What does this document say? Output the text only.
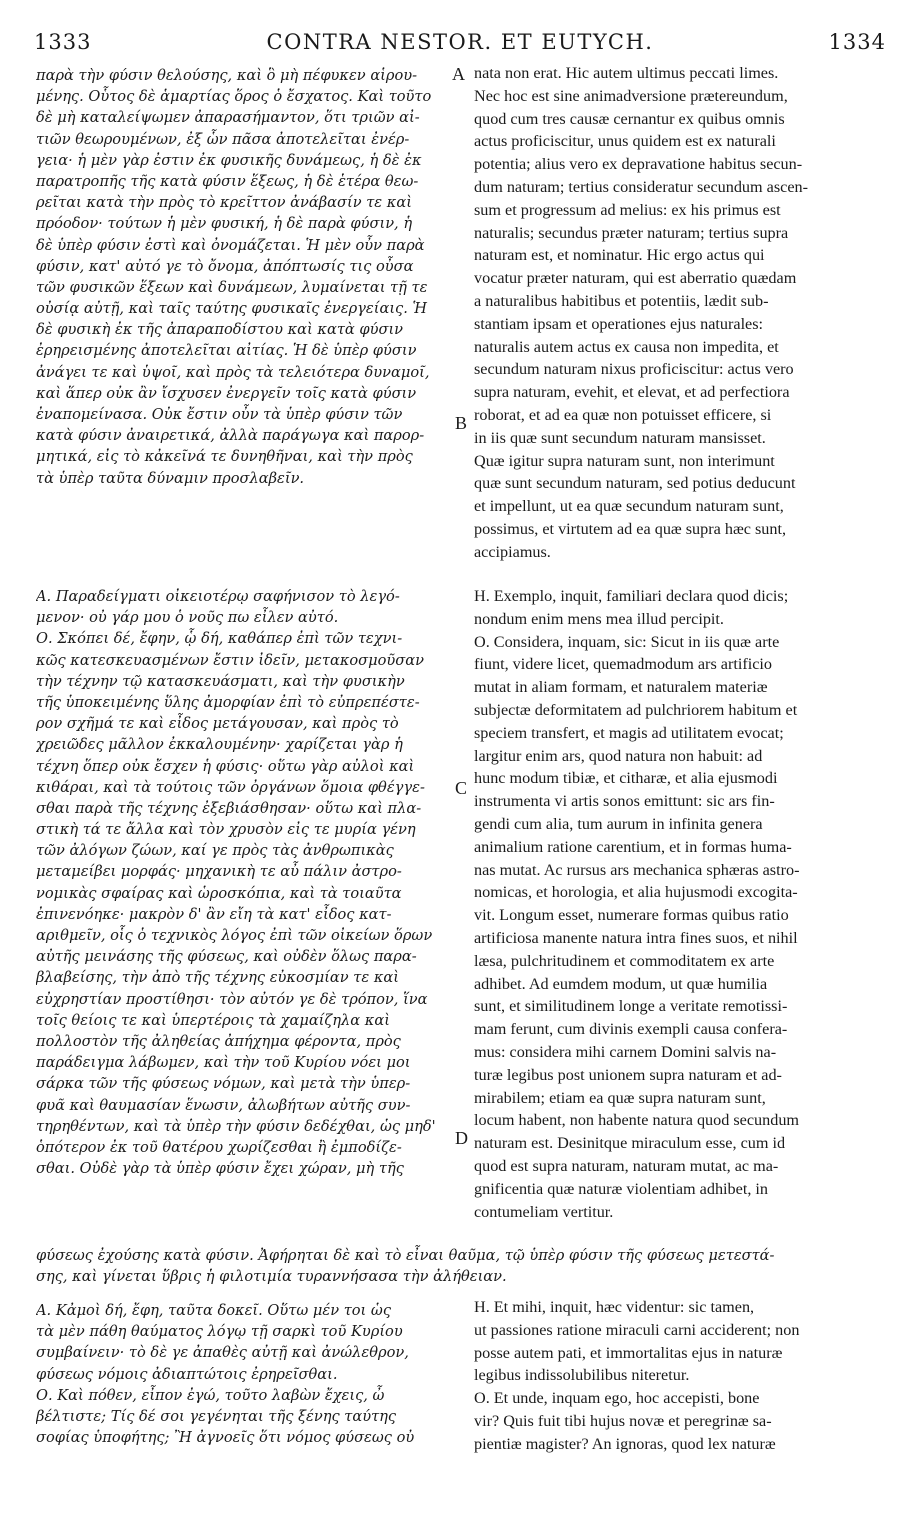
1333	CONTRA NESTOR. ET EUTYCH.	1334
A
B
C
D
παρὰ τὴν φύσιν θελούσης, καὶ ὃ μὴ πέφυκεν αἱρου-
μένης. Οὗτος δὲ ἁμαρτίας ὅρος ὁ ἔσχατος. Καὶ τοῦτο
δὲ μὴ καταλείψωμεν ἀπαρασήμαντον, ὅτι τριῶν αἰ-
τιῶν θεωρουμένων, ἐξ ὧν πᾶσα ἀποτελεῖται ἐνέρ-
γεια· ἡ μὲν γὰρ ἐστιν ἐκ φυσικῆς δυνάμεως, ἡ δὲ ἐκ
παρατροπῆς τῆς κατὰ φύσιν ἕξεως, ἡ δὲ ἑτέρα θεω-
ρεῖται κατὰ τὴν πρὸς τὸ κρεῖττον ἀνάβασίν τε καὶ
πρόοδον· τούτων ἡ μὲν φυσική, ἡ δὲ παρὰ φύσιν, ἡ
δὲ ὑπὲρ φύσιν ἐστὶ καὶ ὀνομάζεται. Ἡ μὲν οὖν παρὰ
φύσιν, κατ' αὐτό γε τὸ ὄνομα, ἀπόπτωσίς τις οὖσα
τῶν φυσικῶν ἕξεων καὶ δυνάμεων, λυμαίνεται τῇ τε
οὐσίᾳ αὐτῇ, καὶ ταῖς ταύτης φυσικαῖς ἐνεργείαις. Ἡ
δὲ φυσικὴ ἐκ τῆς ἀπαραποδίστου καὶ κατὰ φύσιν
ἐρηρεισμένης ἀποτελεῖται αἰτίας. Ἡ δὲ ὑπὲρ φύσιν
ἀνάγει τε καὶ ὑψοῖ, καὶ πρὸς τὰ τελειότερα δυναμοῖ,
καὶ ἅπερ οὐκ ἂν ἴσχυσεν ἐνεργεῖν τοῖς κατὰ φύσιν
ἐναπομείνασα. Οὐκ ἔστιν οὖν τὰ ὑπὲρ φύσιν τῶν
κατὰ φύσιν ἀναιρετικά, ἀλλὰ παράγωγα καὶ παρορ-
μητικά, εἰς τὸ κἀκεῖνά τε δυνηθῆναι, καὶ τὴν πρὸς
τὰ ὑπὲρ ταῦτα δύναμιν προσλαβεῖν.
Α. Παραδείγματι οἰκειοτέρῳ σαφήνισον τὸ λεγό-
μενον· οὐ γάρ μου ὁ νοῦς πω εἶλεν αὐτό.
Ο. Σκόπει δέ, ἔφην, ᾧ δή, καθάπερ ἐπὶ τῶν τεχνι-
κῶς κατεσκευασμένων ἔστιν ἰδεῖν, μετακοσμοῦσαν
τὴν τέχνην τῷ κατασκευάσματι, καὶ τὴν φυσικὴν
τῆς ὑποκειμένης ὕλης ἀμορφίαν ἐπὶ τὸ εὐπρεπέστε-
ρον σχῆμά τε καὶ εἶδος μετάγουσαν, καὶ πρὸς τὸ
χρειῶδες μᾶλλον ἐκκαλουμένην· χαρίζεται γὰρ ἡ
τέχνη ὅπερ οὐκ ἔσχεν ἡ φύσις· οὕτω γὰρ αὐλοὶ καὶ
κιθάραι, καὶ τὰ τούτοις τῶν ὀργάνων ὅμοια φθέγγε-
σθαι παρὰ τῆς τέχνης ἐξεβιάσθησαν· οὕτω καὶ πλα-
στικὴ τά τε ἄλλα καὶ τὸν χρυσὸν εἰς τε μυρία γένη
τῶν ἀλόγων ζώων, καί γε πρὸς τὰς ἀνθρωπικὰς
μεταμείβει μορφάς· μηχανικὴ τε αὖ πάλιν ἀστρο-
νομικὰς σφαίρας καὶ ὡροσκόπια, καὶ τὰ τοιαῦτα
ἐπινενόηκε· μακρὸν δ' ἂν εἴη τὰ κατ' εἶδος κατ-
αριθμεῖν, οἷς ὁ τεχνικὸς λόγος ἐπὶ τῶν οἰκείων ὅρων
αὐτῆς μεινάσης τῆς φύσεως, καὶ οὐδὲν ὅλως παρα-
βλαβείσης, τὴν ἀπὸ τῆς τέχνης εὐκοσμίαν τε καὶ
εὐχρηστίαν προστίθησι· τὸν αὐτόν γε δὲ τρόπον, ἵνα
τοῖς θείοις τε καὶ ὑπερτέροις τὰ χαμαίζηλα καὶ
πολλοστὸν τῆς ἀληθείας ἀπήχημα φέροντα, πρὸς
παράδειγμα λάβωμεν, καὶ τὴν τοῦ Κυρίου νόει μοι
σάρκα τῶν τῆς φύσεως νόμων, καὶ μετὰ τὴν ὑπερ-
φυᾶ καὶ θαυμασίαν ἕνωσιν, ἀλωβήτων αὐτῆς συν-
τηρηθέντων, καὶ τὰ ὑπὲρ τὴν φύσιν δεδέχθαι, ὡς μηδ'
ὁπότερον ἐκ τοῦ θατέρου χωρίζεσθαι ἢ ἐμποδίζε-
σθαι. Οὐδὲ γὰρ τὰ ὑπὲρ φύσιν ἔχει χώραν, μὴ τῆς
φύσεως ἐχούσης κατὰ φύσιν. Ἀφήρηται δὲ καὶ τὸ εἶναι θαῦμα, τῷ ὑπὲρ φύσιν τῆς φύσεως μετεστά-
σης, καὶ γίνεται ὕβρις ἡ φιλοτιμία τυραννήσασα τὴν ἀλήθειαν.
Α. Κἀμοὶ δή, ἔφη, ταῦτα δοκεῖ. Οὕτω μέν τοι ὡς
τὰ μὲν πάθη θαύματος λόγῳ τῇ σαρκὶ τοῦ Κυρίου
συμβαίνειν· τὸ δὲ γε ἀπαθὲς αὐτῇ καὶ ἀνώλεθρον,
φύσεως νόμοις ἀδιαπτώτοις ἐρηρεῖσθαι.
Ο. Καὶ πόθεν, εἶπον ἐγώ, τοῦτο λαβὼν ἔχεις, ὦ
βέλτιστε; Τίς δέ σοι γεγένηται τῆς ξένης ταύτης
σοφίας ὑποφήτης; Ἢ ἀγνοεῖς ὅτι νόμος φύσεως οὐ
nata non erat. Hic autem ultimus peccati limes.
Nec hoc est sine animadversione prætereundum,
quod cum tres causæ cernantur ex quibus omnis
actus proficiscitur, unus quidem est ex naturali
potentia; alius vero ex depravatione habitus secun-
dum naturam; tertius consideratur secundum ascen-
sum et progressum ad melius: ex his primus est
naturalis; secundus præter naturam; tertius supra
naturam est, et nominatur. Hic ergo actus qui
vocatur præter naturam, qui est aberratio quædam
a naturalibus habitibus et potentiis, lædit sub-
stantiam ipsam et operationes ejus naturales:
naturalis autem actus ex causa non impedita, et
secundum naturam nixus proficiscitur: actus vero
supra naturam, evehit, et elevat, et ad perfectiora
roborat, et ad ea quæ non potuisset efficere, si
in iis quæ sunt secundum naturam mansisset.
Quæ igitur supra naturam sunt, non interimunt
quæ sunt secundum naturam, sed potius deducunt
et impellunt, ut ea quæ secundum naturam sunt,
possimus, et virtutem ad ea quæ supra hæc sunt,
accipiamus.
H. Exemplo, inquit, familiari declara quod dicis;
nondum enim mens mea illud percipit.
O. Considera, inquam, sic: Sicut in iis quæ arte
fiunt, videre licet, quemadmodum ars artificio
mutat in aliam formam, et naturalem materiæ
subjectæ deformitatem ad pulchriorem habitum et
speciem transfert, et magis ad utilitatem evocat;
largitur enim ars, quod natura non habuit: ad
hunc modum tibiæ, et citharæ, et alia ejusmodi
instrumenta vi artis sonos emittunt: sic ars fin-
gendi cum alia, tum aurum in infinita genera
animalium ratione carentium, et in formas huma-
nas mutat. Ac rursus ars mechanica sphæras astro-
nomicas, et horologia, et alia hujusmodi excogita-
vit. Longum esset, numerare formas quibus ratio
artificiosa manente natura intra fines suos, et nihil
læsa, pulchritudinem et commoditatem ex arte
adhibet. Ad eumdem modum, ut quæ humilia
sunt, et similitudinem longe a veritate remotissi-
mam ferunt, cum divinis exempli causa confera-
mus: considera mihi carnem Domini salvis na-
turæ legibus post unionem supra naturam et ad-
mirabilem; etiam ea quæ supra naturam sunt,
locum habent, non habente natura quod secundum
naturam est. Desinitque miraculum esse, cum id
quod est supra naturam, naturam mutat, ac ma-
gnificentia quæ naturæ violentiam adhibet, in
contumeliam vertitur.
H. Et mihi, inquit, hæc videntur: sic tamen,
ut passiones ratione miraculi carni acciderent; non
posse autem pati, et immortalitas ejus in naturæ
legibus indissolubilibus niteretur.
O. Et unde, inquam ego, hoc accepisti, bone
vir? Quis fuit tibi hujus novæ et peregrinæ sa-
pientiæ magister? An ignoras, quod lex naturæ
